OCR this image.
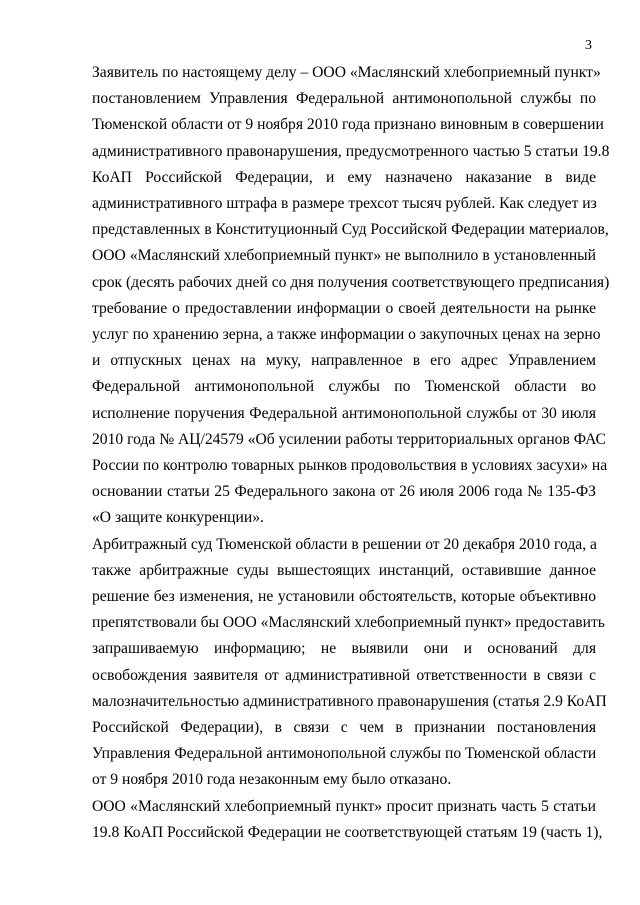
3
Заявитель по настоящему делу – ООО «Маслянский хлебоприемный пункт»
постановлением Управления Федеральной антимонопольной службы по
Тюменской области от 9 ноября 2010 года признано виновным в совершении
административного правонарушения, предусмотренного частью 5 статьи 19.8
КоАП Российской Федерации, и ему назначено наказание в виде
административного штрафа в размере трехсот тысяч рублей. Как следует из
представленных в Конституционный Суд Российской Федерации материалов,
ООО «Маслянский хлебоприемный пункт» не выполнило в установленный
срок (десять рабочих дней со дня получения соответствующего предписания)
требование о предоставлении информации о своей деятельности на рынке
услуг по хранению зерна, а также информации о закупочных ценах на зерно
и отпускных ценах на муку, направленное в его адрес Управлением
Федеральной антимонопольной службы по Тюменской области во
исполнение поручения Федеральной антимонопольной службы от 30 июля
2010 года № АЦ/24579 «Об усилении работы территориальных органов ФАС
России по контролю товарных рынков продовольствия в условиях засухи» на
основании статьи 25 Федерального закона от 26 июля 2006 года № 135-ФЗ
«О защите конкуренции».
Арбитражный суд Тюменской области в решении от 20 декабря 2010 года, а
также арбитражные суды вышестоящих инстанций, оставившие данное
решение без изменения, не установили обстоятельств, которые объективно
препятствовали бы ООО «Маслянский хлебоприемный пункт» предоставить
запрашиваемую информацию; не выявили они и оснований для
освобождения заявителя от административной ответственности в связи с
малозначительностью административного правонарушения (статья 2.9 КоАП
Российской Федерации), в связи с чем в признании постановления
Управления Федеральной антимонопольной службы по Тюменской области
от 9 ноября 2010 года незаконным ему было отказано.
ООО «Маслянский хлебоприемный пункт» просит признать часть 5 статьи
19.8 КоАП Российской Федерации не соответствующей статьям 19 (часть 1),
